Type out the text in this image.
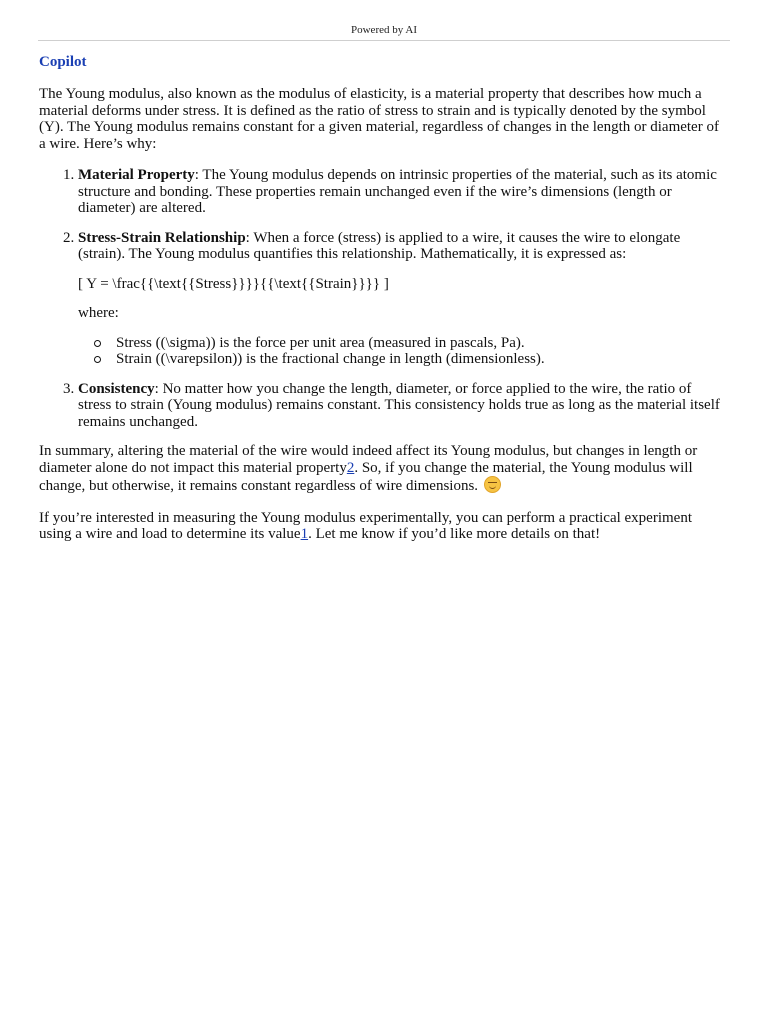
Powered by AI
Copilot

The Young modulus, also known as the modulus of elasticity, is a material property that describes how much a material deforms under stress. It is defined as the ratio of stress to strain and is typically denoted by the symbol (Y). The Young modulus remains constant for a given material, regardless of changes in the length or diameter of a wire. Here’s why:

1. Material Property: The Young modulus depends on intrinsic properties of the material, such as its atomic structure and bonding. These properties remain unchanged even if the wire’s dimensions (length or diameter) are altered.
2. Stress-Strain Relationship: When a force (stress) is applied to a wire, it causes the wire to elongate (strain). The Young modulus quantifies this relationship. Mathematically, it is expressed as:
[ Y = \frac{{\text{{Stress}}}}{{\text{{Strain}}}} ]
where:
Stress ((\sigma)) is the force per unit area (measured in pascals, Pa).
Strain ((\varepsilon)) is the fractional change in length (dimensionless).
3. Consistency: No matter how you change the length, diameter, or force applied to the wire, the ratio of stress to strain (Young modulus) remains constant. This consistency holds true as long as the material itself remains unchanged.

In summary, altering the material of the wire would indeed affect its Young modulus, but changes in length or diameter alone do not impact this material property2. So, if you change the material, the Young modulus will change, but otherwise, it remains constant regardless of wire dimensions.

If you’re interested in measuring the Young modulus experimentally, you can perform a practical experiment using a wire and load to determine its value1. Let me know if you’d like more details on that!
